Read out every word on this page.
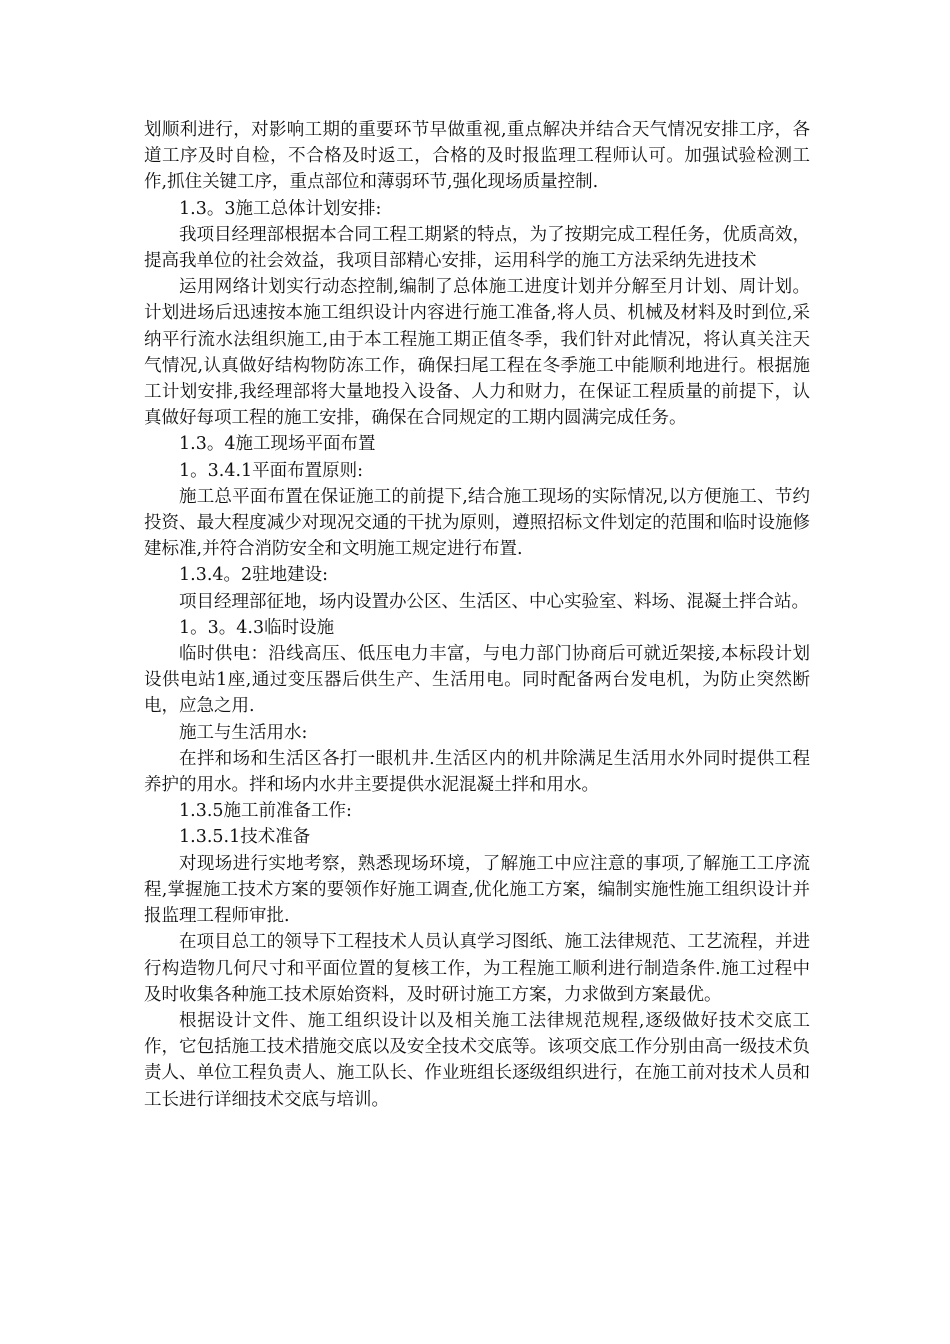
划顺利进行，对影响工期的重要环节早做重视,重点解决并结合天气情况安排工序，各道工序及时自检，不合格及时返工，合格的及时报监理工程师认可。加强试验检测工作,抓住关键工序，重点部位和薄弱环节,强化现场质量控制.

1.3。3施工总体计划安排:

我项目经理部根据本合同工程工期紧的特点，为了按期完成工程任务，优质高效，提高我单位的社会效益，我项目部精心安排，运用科学的施工方法采纳先进技术

运用网络计划实行动态控制,编制了总体施工进度计划并分解至月计划、周计划。计划进场后迅速按本施工组织设计内容进行施工准备,将人员、机械及材料及时到位,采纳平行流水法组织施工,由于本工程施工期正值冬季，我们针对此情况，将认真关注天气情况,认真做好结构物防冻工作，确保扫尾工程在冬季施工中能顺利地进行。根据施工计划安排,我经理部将大量地投入设备、人力和财力，在保证工程质量的前提下，认真做好每项工程的施工安排，确保在合同规定的工期内圆满完成任务。

1.3。4施工现场平面布置

1。3.4.1平面布置原则:

施工总平面布置在保证施工的前提下,结合施工现场的实际情况,以方便施工、节约投资、最大程度减少对现况交通的干扰为原则，遵照招标文件划定的范围和临时设施修建标准,并符合消防安全和文明施工规定进行布置.

1.3.4。2驻地建设:

项目经理部征地，场内设置办公区、生活区、中心实验室、料场、混凝土拌合站。

1。3。4.3临时设施

临时供电：沿线高压、低压电力丰富，与电力部门协商后可就近架接,本标段计划设供电站1座,通过变压器后供生产、生活用电。同时配备两台发电机，为防止突然断电，应急之用.

施工与生活用水:

在拌和场和生活区各打一眼机井.生活区内的机井除满足生活用水外同时提供工程养护的用水。拌和场内水井主要提供水泥混凝土拌和用水。

1.3.5施工前准备工作:

1.3.5.1技术准备

对现场进行实地考察，熟悉现场环境，了解施工中应注意的事项,了解施工工序流程,掌握施工技术方案的要领作好施工调查,优化施工方案，编制实施性施工组织设计并报监理工程师审批.

在项目总工的领导下工程技术人员认真学习图纸、施工法律规范、工艺流程，并进行构造物几何尺寸和平面位置的复核工作，为工程施工顺利进行制造条件.施工过程中及时收集各种施工技术原始资料，及时研讨施工方案，力求做到方案最优。

根据设计文件、施工组织设计以及相关施工法律规范规程,逐级做好技术交底工作，它包括施工技术措施交底以及安全技术交底等。该项交底工作分别由高一级技术负责人、单位工程负责人、施工队长、作业班组长逐级组织进行，在施工前对技术人员和工长进行详细技术交底与培训。
